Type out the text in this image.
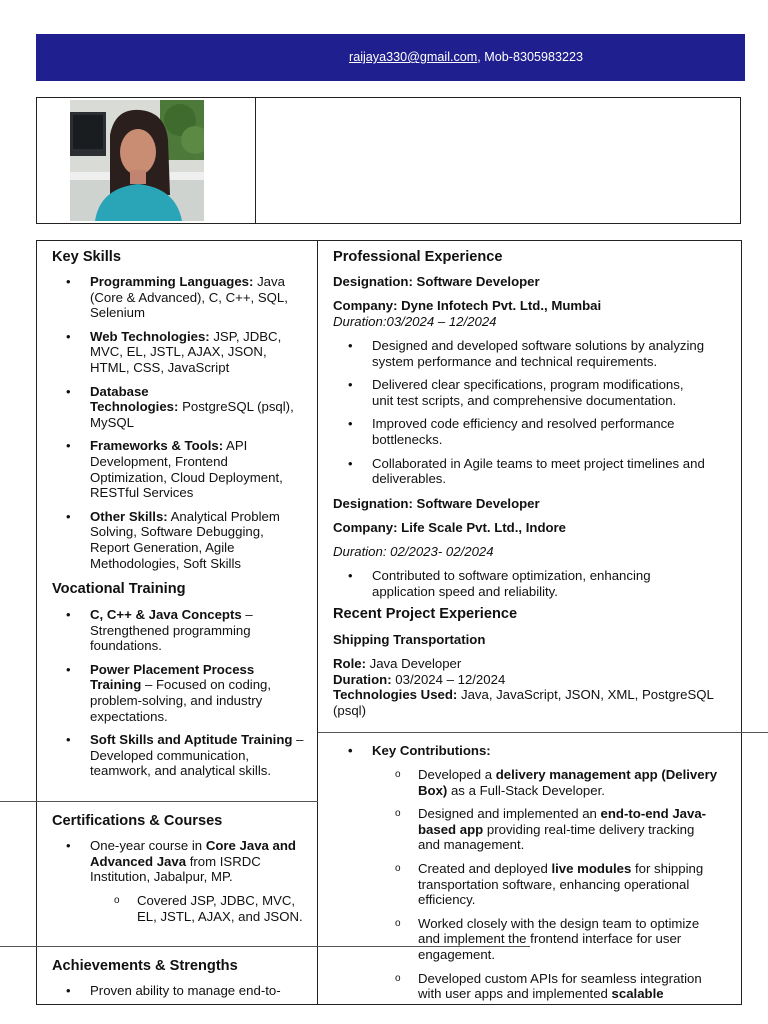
raijaya330@gmail.com, Mob-8305983223
Key Skills
• Programming Languages: Java
(Core & Advanced), C, C++, SQL,
Selenium
• Web Technologies: JSP, JDBC,
MVC, EL, JSTL, AJAX, JSON,
HTML, CSS, JavaScript
• Database
Technologies: PostgreSQL (psql),
MySQL
• Frameworks & Tools: API
Development, Frontend
Optimization, Cloud Deployment,
RESTful Services
• Other Skills: Analytical Problem
Solving, Software Debugging,
Report Generation, Agile
Methodologies, Soft Skills
Vocational Training
• C, C++ & Java Concepts –
Strengthened programming
foundations.
• Power Placement Process
Training – Focused on coding,
problem-solving, and industry
expectations.
• Soft Skills and Aptitude Training –
Developed communication,
teamwork, and analytical skills.
Certifications & Courses
• One-year course in Core Java and
Advanced Java from ISRDC
Institution, Jabalpur, MP.
o Covered JSP, JDBC, MVC,
EL, JSTL, AJAX, and JSON.
Achievements & Strengths
• Proven ability to manage end-to-
Professional Experience
Designation: Software Developer
Company: Dyne Infotech Pvt. Ltd., Mumbai
Duration:03/2024 – 12/2024
• Designed and developed software solutions by analyzing
system performance and technical requirements.
• Delivered clear specifications, program modifications,
unit test scripts, and comprehensive documentation.
• Improved code efficiency and resolved performance
bottlenecks.
• Collaborated in Agile teams to meet project timelines and
deliverables.
Designation: Software Developer
Company: Life Scale Pvt. Ltd., Indore
Duration: 02/2023- 02/2024
• Contributed to software optimization, enhancing
application speed and reliability.
Recent Project Experience
Shipping Transportation
Role: Java Developer
Duration: 03/2024 – 12/2024
Technologies Used: Java, JavaScript, JSON, XML, PostgreSQL
(psql)
• Key Contributions:
o Developed a delivery management app (Delivery
Box) as a Full-Stack Developer.
o Designed and implemented an end-to-end Java-
based app providing real-time delivery tracking
and management.
o Created and deployed live modules for shipping
transportation software, enhancing operational
efficiency.
o Worked closely with the design team to optimize
and implement the frontend interface for user
engagement.
o Developed custom APIs for seamless integration
with user apps and implemented scalable
